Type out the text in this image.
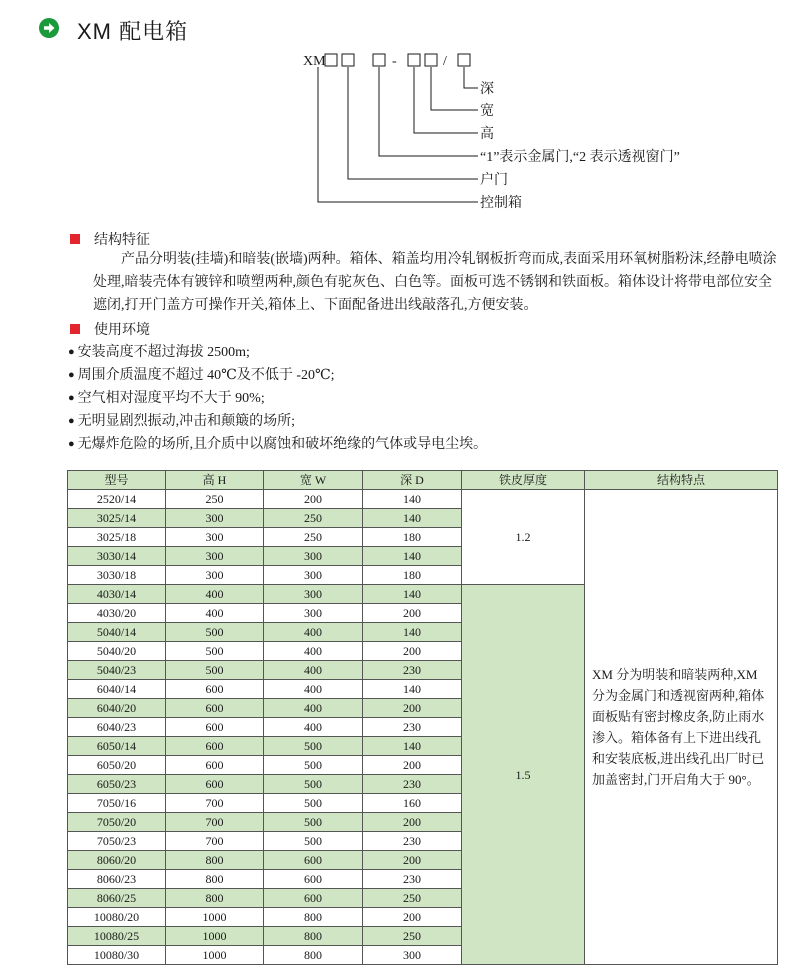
XM 配电箱
XM	-	/
深
宽
高
“1”表示金属门,“2 表示透视窗门”
户门
控制箱
结构特征
产品分明装(挂墙)和暗装(嵌墙)两种。箱体、箱盖均用冷轧钢板折弯而成,表面采用环氧树脂粉沫,经静电喷涂处理,暗装壳体有镀锌和喷塑两种,颜色有驼灰色、白色等。面板可选不锈钢和铁面板。箱体设计将带电部位安全遮闭,打开门盖方可操作开关,箱体上、下面配备进出线敲落孔,方便安装。
使用环境
● 安装高度不超过海拔 2500m;
● 周围介质温度不超过 40℃及不低于 -20℃;
● 空气相对湿度平均不大于 90%;
● 无明显剧烈振动,冲击和颠簸的场所;
● 无爆炸危险的场所,且介质中以腐蚀和破坏绝缘的气体或导电尘埃。
型号	高 H	宽 W	深 D	铁皮厚度	结构特点
2520/14	250	200	140	1.2	XM 分为明装和暗装两种,XM 分为金属门和透视窗两种,箱体面板贴有密封橡皮条,防止雨水渗入。箱体备有上下进出线孔和安装底板,进出线孔出厂时已加盖密封,门开启角大于 90°。

3025/14	300	250	140		
3025/18	300	250	180		
3030/14	300	300	140		
3030/18	300	300	180		
4030/14	400	300	140	1.5	
4030/20	400	300	200		
5040/14	500	400	140		
5040/20	500	400	200		
5040/23	500	400	230		
6040/14	600	400	140		
6040/20	600	400	200		
6040/23	600	400	230		
6050/14	600	500	140		
6050/20	600	500	200		
6050/23	600	500	230		
7050/16	700	500	160		
7050/20	700	500	200		
7050/23	700	500	230		
8060/20	800	600	200		
8060/23	800	600	230		
8060/25	800	600	250		
10080/20	1000	800	200		
10080/25	1000	800	250		
10080/30	1000	800	300		
